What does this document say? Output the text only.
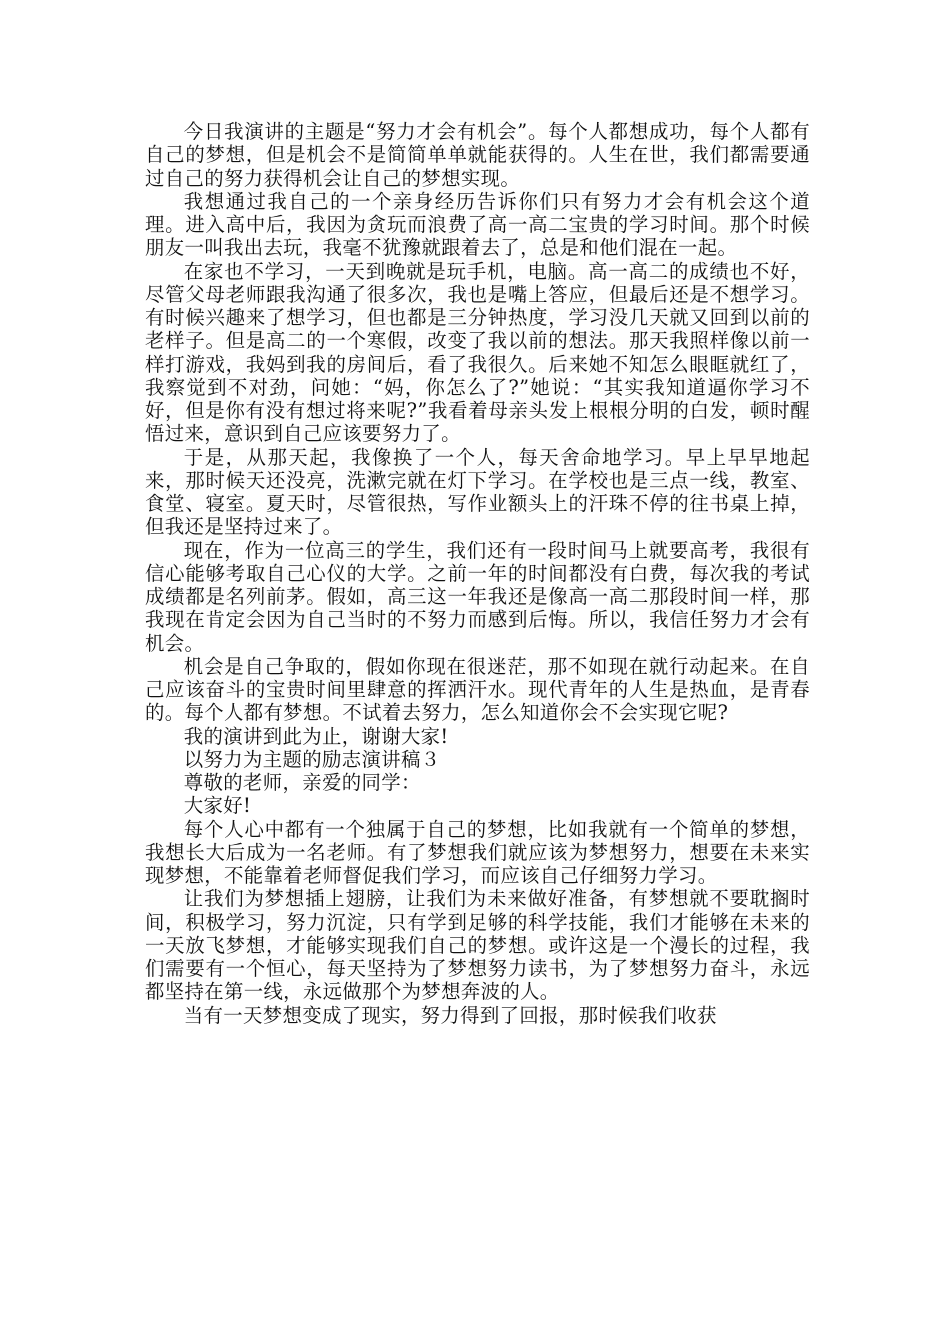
今日我演讲的主题是“努力才会有机会”。每个人都想成功，每个人都有自己的梦想，但是机会不是简简单单就能获得的。人生在世，我们都需要通过自己的努力获得机会让自己的梦想实现。

我想通过我自己的一个亲身经历告诉你们只有努力才会有机会这个道理。进入高中后，我因为贪玩而浪费了高一高二宝贵的学习时间。那个时候朋友一叫我出去玩，我毫不犹豫就跟着去了，总是和他们混在一起。

在家也不学习，一天到晚就是玩手机，电脑。高一高二的成绩也不好，尽管父母老师跟我沟通了很多次，我也是嘴上答应，但最后还是不想学习。有时候兴趣来了想学习，但也都是三分钟热度，学习没几天就又回到以前的老样子。但是高二的一个寒假，改变了我以前的想法。那天我照样像以前一样打游戏，我妈到我的房间后，看了我很久。后来她不知怎么眼眶就红了，我察觉到不对劲，问她：“妈，你怎么了?”她说：“其实我知道逼你学习不好，但是你有没有想过将来呢?”我看着母亲头发上根根分明的白发，顿时醒悟过来，意识到自己应该要努力了。

于是，从那天起，我像换了一个人，每天舍命地学习。早上早早地起来，那时候天还没亮，洗漱完就在灯下学习。在学校也是三点一线，教室、食堂、寝室。夏天时，尽管很热，写作业额头上的汗珠不停的往书桌上掉，但我还是坚持过来了。

现在，作为一位高三的学生，我们还有一段时间马上就要高考，我很有信心能够考取自己心仪的大学。之前一年的时间都没有白费，每次我的考试成绩都是名列前茅。假如，高三这一年我还是像高一高二那段时间一样，那我现在肯定会因为自己当时的不努力而感到后悔。所以，我信任努力才会有机会。

机会是自己争取的，假如你现在很迷茫，那不如现在就行动起来。在自己应该奋斗的宝贵时间里肆意的挥洒汗水。现代青年的人生是热血，是青春的。每个人都有梦想。不试着去努力，怎么知道你会不会实现它呢?

我的演讲到此为止，谢谢大家!

以努力为主题的励志演讲稿３

尊敬的老师，亲爱的同学：

大家好!

每个人心中都有一个独属于自己的梦想，比如我就有一个简单的梦想，我想长大后成为一名老师。有了梦想我们就应该为梦想努力，想要在未来实现梦想，不能靠着老师督促我们学习，而应该自己仔细努力学习。

让我们为梦想插上翅膀，让我们为未来做好准备，有梦想就不要耽搁时间，积极学习，努力沉淀，只有学到足够的科学技能，我们才能够在未来的一天放飞梦想，才能够实现我们自己的梦想。或许这是一个漫长的过程，我们需要有一个恒心，每天坚持为了梦想努力读书，为了梦想努力奋斗，永远都坚持在第一线，永远做那个为梦想奔波的人。

当有一天梦想变成了现实，努力得到了回报，那时候我们收获
